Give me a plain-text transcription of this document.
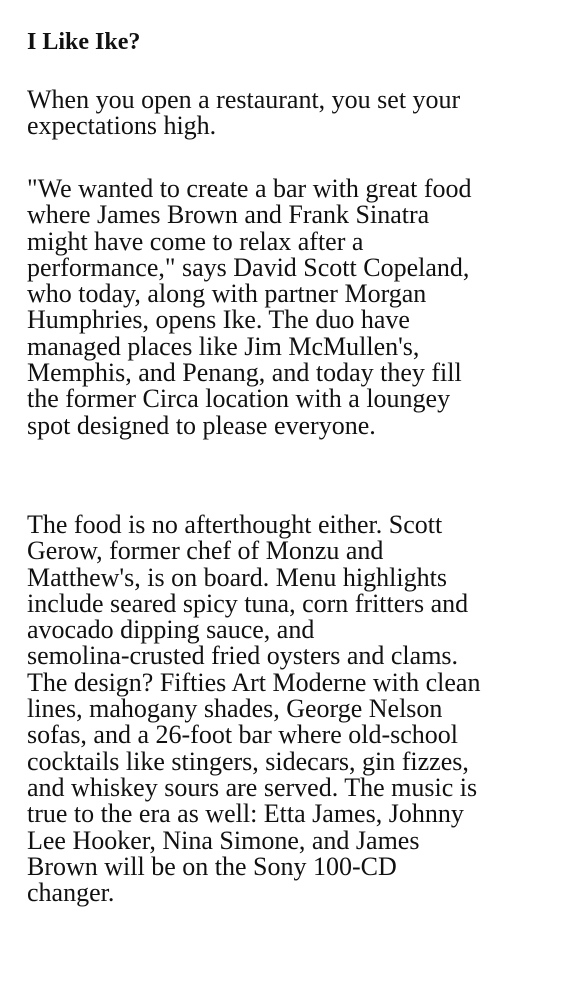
I Like Ike?

When you open a restaurant, you set your
expectations high.

"We wanted to create a bar with great food
where James Brown and Frank Sinatra
might have come to relax after a
performance," says David Scott Copeland,
who today, along with partner Morgan
Humphries, opens Ike. The duo have
managed places like Jim McMullen's,
Memphis, and Penang, and today they fill
the former Circa location with a loungey
spot designed to please everyone.

The food is no afterthought either. Scott
Gerow, former chef of Monzu and
Matthew's, is on board. Menu highlights
include seared spicy tuna, corn fritters and
avocado dipping sauce, and
semolina-crusted fried oysters and clams.
The design? Fifties Art Moderne with clean
lines, mahogany shades, George Nelson
sofas, and a 26-foot bar where old-school
cocktails like stingers, sidecars, gin fizzes,
and whiskey sours are served. The music is
true to the era as well: Etta James, Johnny
Lee Hooker, Nina Simone, and James
Brown will be on the Sony 100-CD
changer.
